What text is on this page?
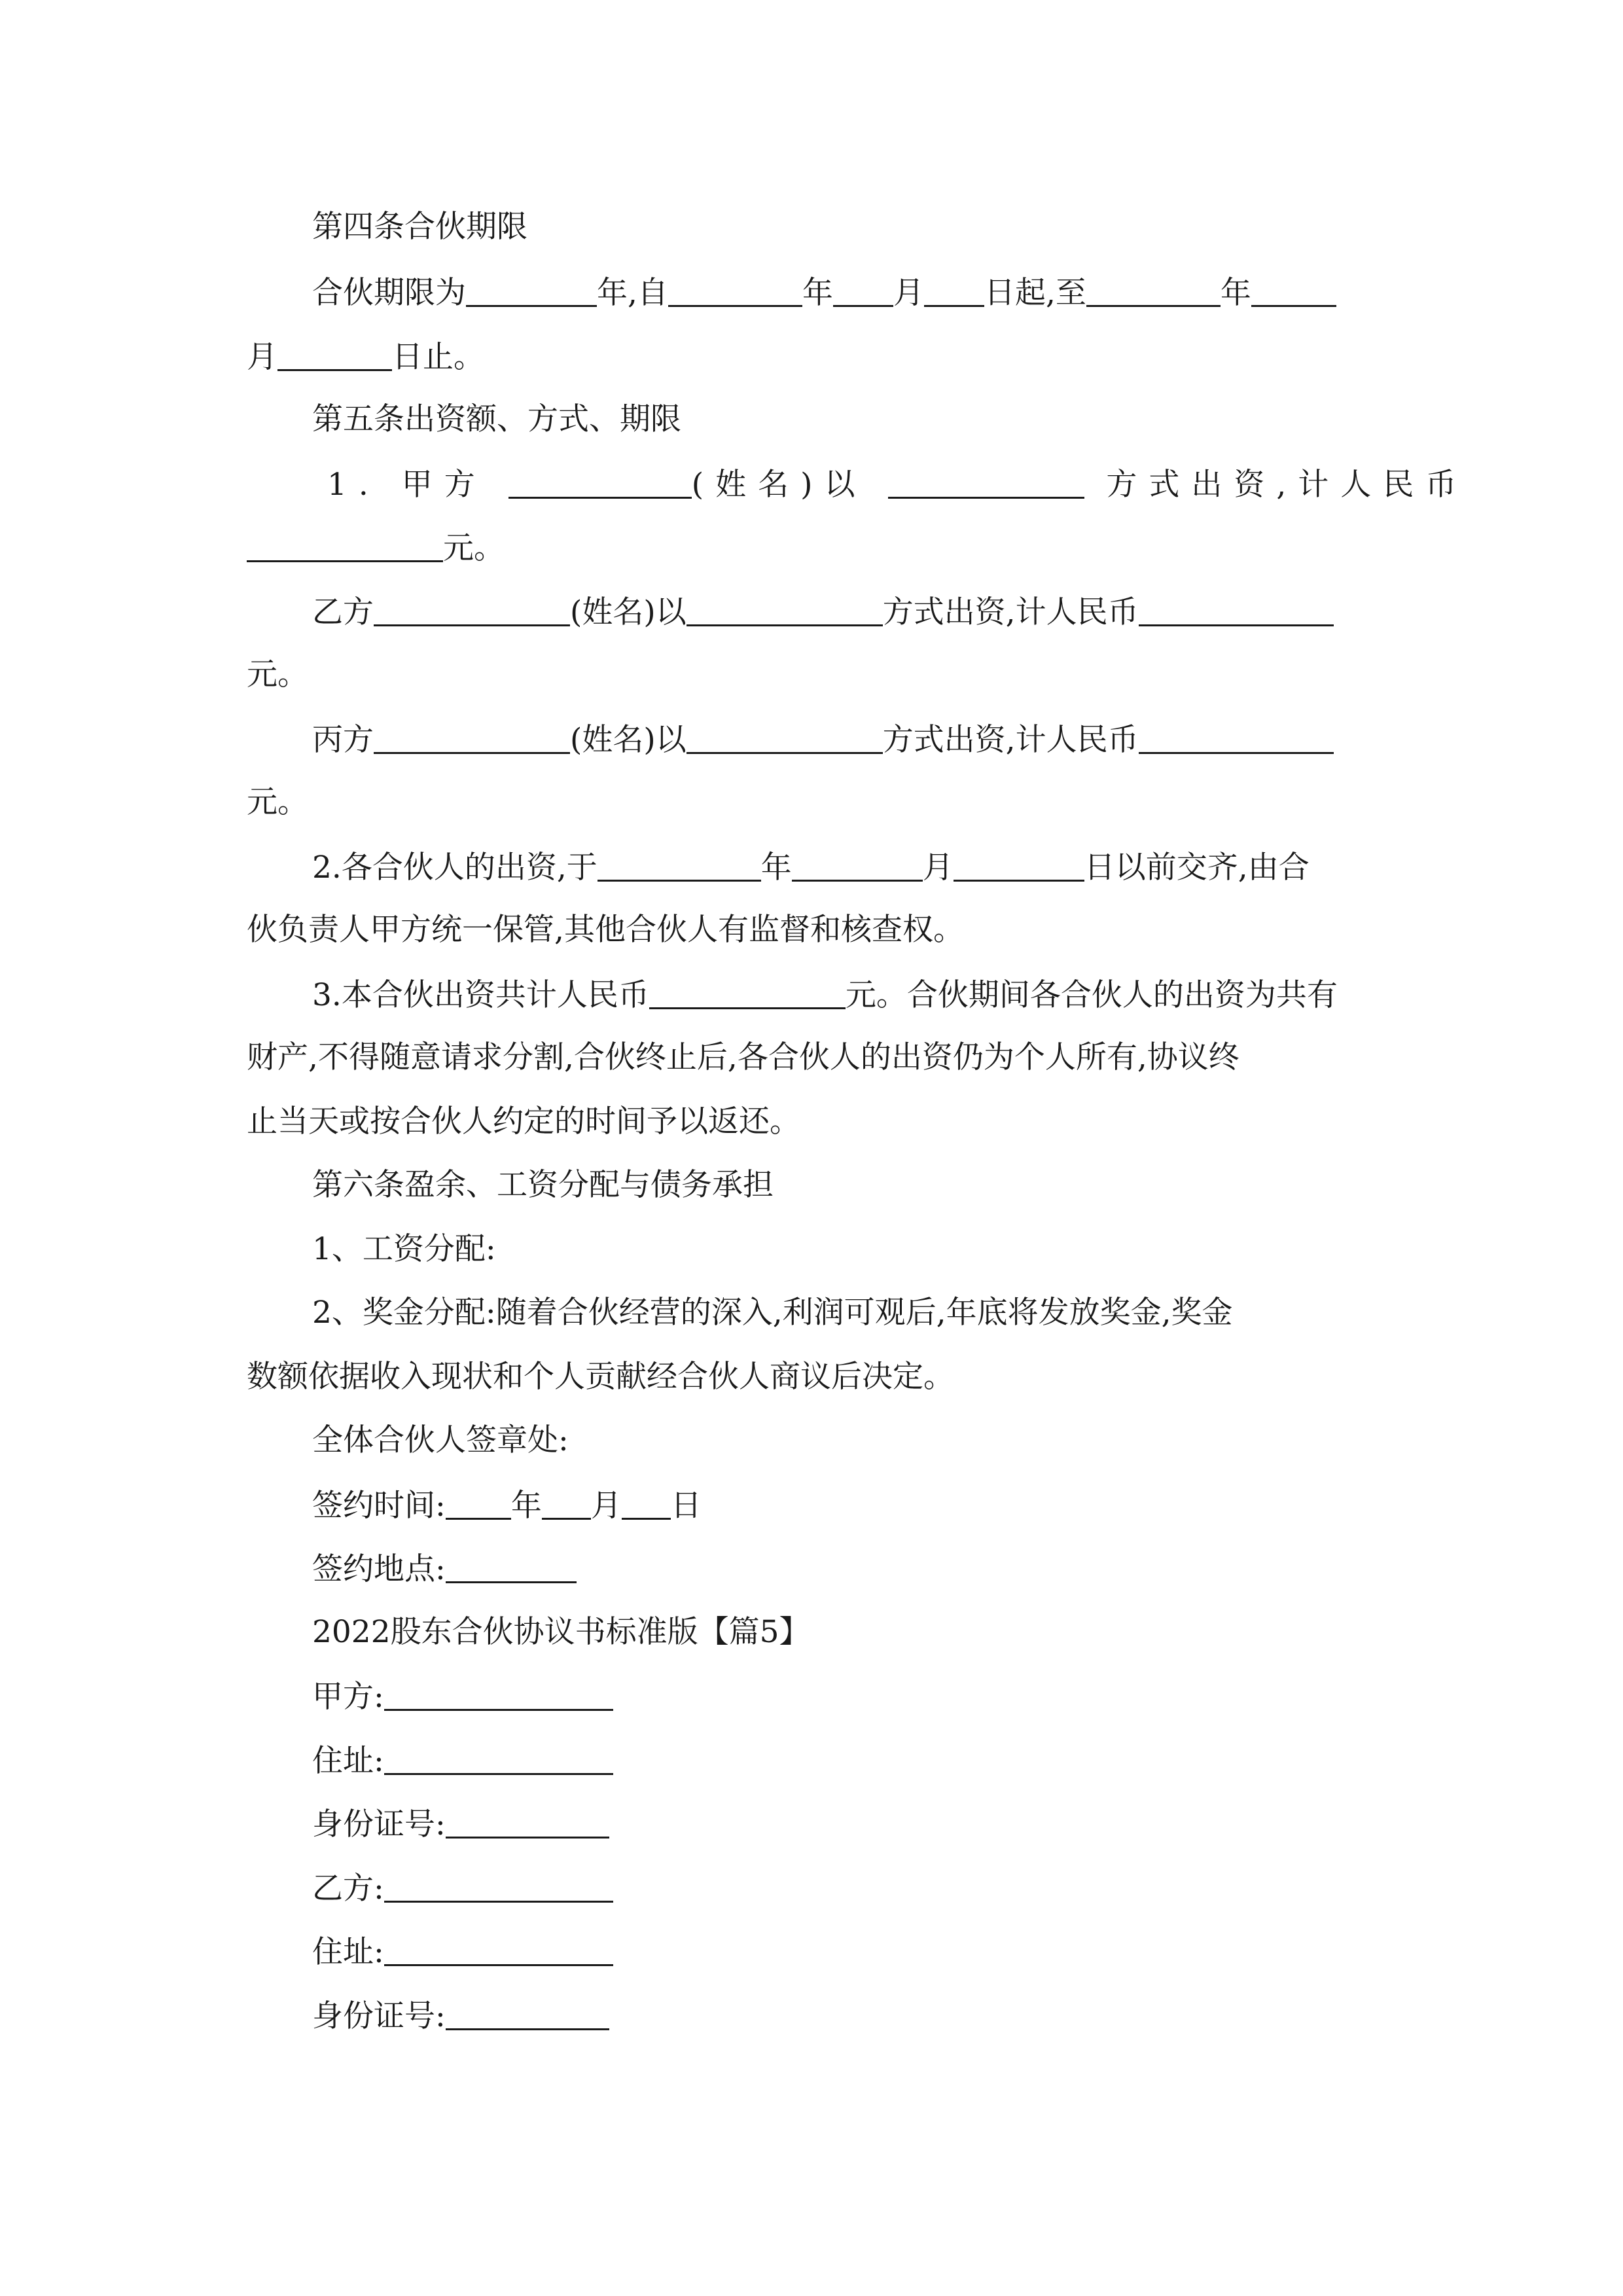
第四条合伙期限
合伙期限为	年,自	年 月 日起,至	年
月	日止。
第五条出资额、方式、期限
1. 甲方	(姓名)以	方式出资,计人民币
元。
乙方	(姓名)以	方式出资,计人民币
元。
丙方	(姓名)以	方式出资,计人民币
元。
2.各合伙人的出资,于	年	月	日以前交齐,由合
伙负责人甲方统一保管,其他合伙人有监督和核查权。
3.本合伙出资共计人民币	元。合伙期间各合伙人的出资为共有
财产,不得随意请求分割,合伙终止后,各合伙人的出资仍为个人所有,协议终
止当天或按合伙人约定的时间予以返还。
第六条盈余、工资分配与债务承担
1、工资分配:
2、奖金分配:随着合伙经营的深入,利润可观后,年底将发放奖金,奖金
数额依据收入现状和个人贡献经合伙人商议后决定。
全体合伙人签章处:
签约时间: 年 月 日
签约地点:
2022股东合伙协议书标准版【篇5】
甲方:
住址:
身份证号:
乙方:
住址:
身份证号:
